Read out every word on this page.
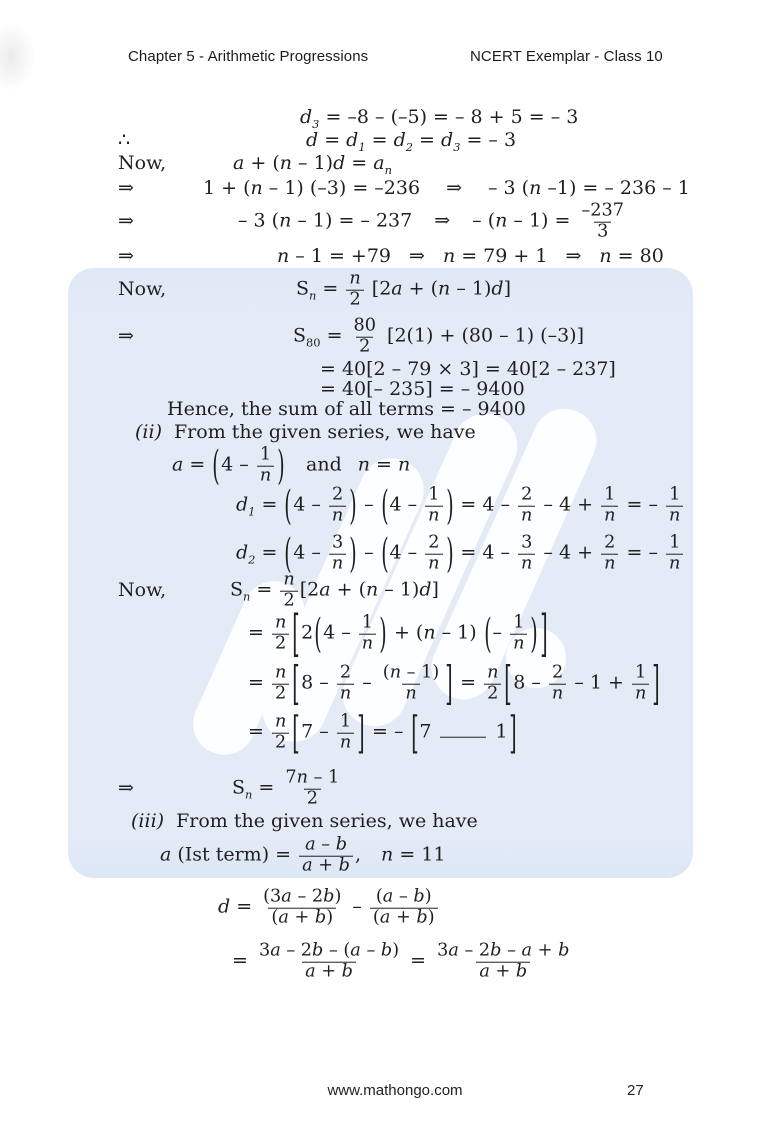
Chapter 5 - Arithmetic Progressions	NCERT Exemplar - Class 10
$d_3 = -8 - (-5)$ = – 8 + 5 = – 3
∴	$d = d_1 = d_2 = d_3$ = – 3
Now,	a + ( n – 1) $d = a_n$
⇒	1 + ( n – 1) (–3) = –236 ⇒ – 3 ( n –1) = – 236 – 1
⇒	– 3 ( n – 1) = – 237 ⇒ – ( $n - 1) = \frac{-237}{3}$
⇒	n – 1 = +79 ⇒ n = 79 + 1 ⇒ n = 80
Now,	$S_n = \frac{n}{2} [2$ a + ( n – 1) d ]
⇒	$S_{80} = \frac{80}{2} [2(1) + (80 - 1)$ (–3)]
= 40[2 – 79 × 3] = 40[2 – 237]
= 40[– 235] = – 9400
Hence, the sum of all terms = – 9400
(ii) From the given series, we have
a = ( $4 - \frac{1}{n}$ ) and n = n
$d_1$ = ( $4 - \frac{2}{n}$ ) – ( $4 - \frac{1}{n}$ ) = $4 - \frac{2}{n} - 4 + \frac{1}{n}$ = – $\frac{1}{n}$
$d_2$ = ( $4 - \frac{3}{n}$ ) – ( $4 - \frac{2}{n}$ ) = $4 - \frac{3}{n} - 4 + \frac{2}{n}$ = – $\frac{1}{n}$
Now,	$S_n = \frac{n}{2} [2$ a + ( n – 1) d ]
= $\frac{n}{2}$ [ 2 ( $4 - \frac{1}{n}$ ) + ( n – 1) ( – $\frac{1}{n}$ ) ]
= $\frac{n}{2}$ [ $8 - \frac{2}{n} - \frac{(n - 1)}{n}$ ] = $\frac{n}{2}$ [ $8 - \frac{2}{n} - 1 + \frac{1}{n}$ ]
= $\frac{n}{2}$ [ $7 - \frac{1}{n}$ ] = – [ 7	1 ]
⇒	$S_n = \frac{7n - 1}{2}$
(iii) From the given series, we have
a (Ist term) = $\frac{a - b}{a + b}$ , n = 11
$d = \frac{(3a - 2b)}{(a + b)} - \frac{(a - b)}{(a + b)}$
= $\frac{3a - 2b - (a - b)}{a + b} = \frac{3a - 2b - a + b}{a + b}$
www.mathongo.com	27
